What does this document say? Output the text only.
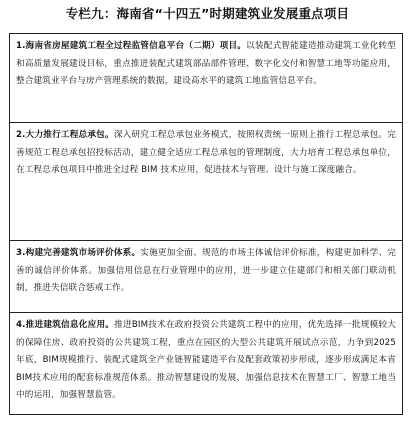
专栏九：海南省“十四五”时期建筑业发展重点项目
1.海南省房屋建筑工程全过程监管信息平台（二期）项目。以装配式智能建造推动建筑工业化转型和高质量发展建设目标，重点推进装配式建筑部品部件管理、数字化交付和智慧工地等功能应用，整合建筑业平台与房产管理系统的数据，建设高水平的建筑工地监管信息平台。
2.大力推行工程总承包。深入研究工程总承包业务模式，按照权责统一原则上推行工程总承包。完善规范工程总承包招投标活动，建立健全适应工程总承包的管理制度，大力培育工程总承包单位，在工程总承包项目中推进全过程 BIM 技术应用，促进技术与管理、设计与施工深度融合。
3.构建完善建筑市场评价体系。实施更加全面、规范的市场主体诚信评价标准，构建更加科学、完善的诚信评价体系。加强信用信息在行业管理中的应用，进一步建立住建部门和相关部门联动机制，推进失信联合惩戒工作。
4.推进建筑信息化应用。推进BIM技术在政府投资公共建筑工程中的应用，优先选择一批规模较大的保障住房、政府投资的公共建筑工程，重点在园区的大型公共建筑开展试点示范，力争到2025年底，BIM规模推行、装配式建筑全产业链智能建造平台及配套政策初步形成，逐步形成满足本省BIM技术应用的配套标准规范体系。推动智慧建设的发展，加强信息技术在智慧工厂、智慧工地当中的运用，加强智慧监管。
